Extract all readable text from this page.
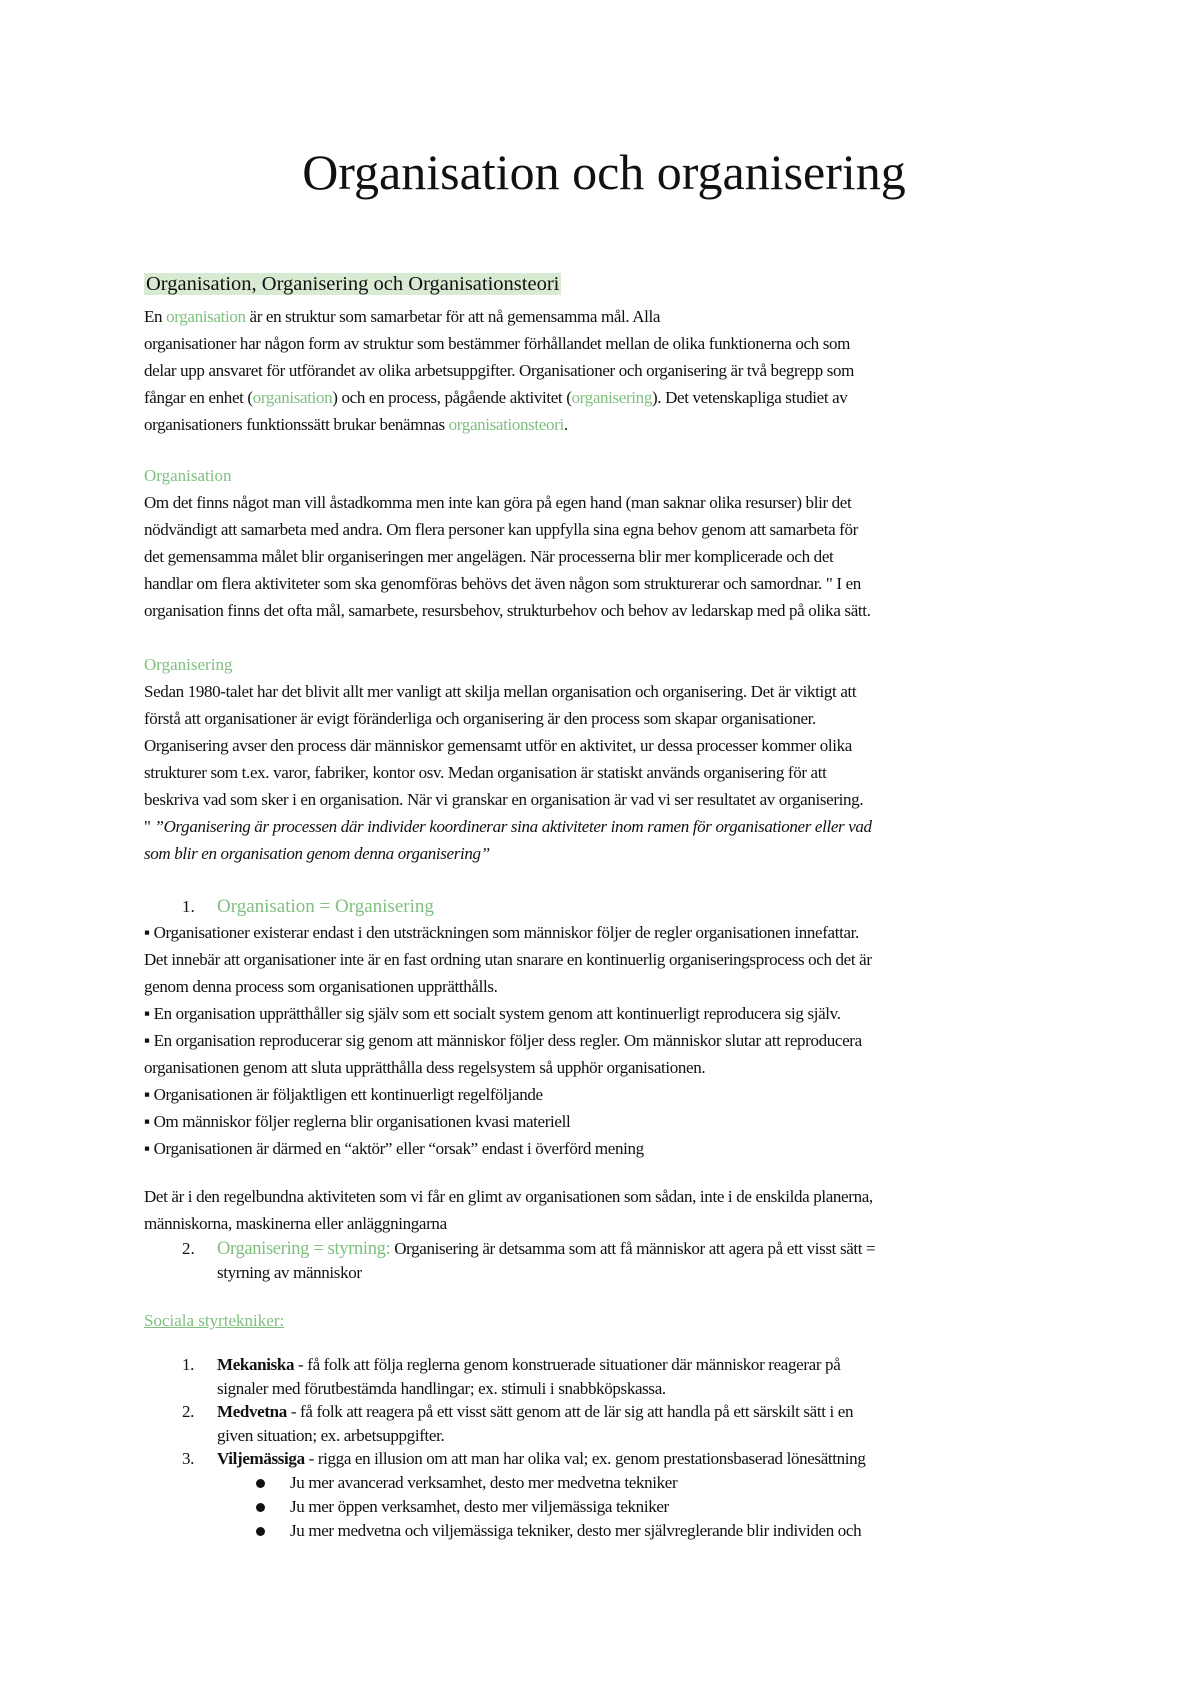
Organisation och organisering
Organisation, Organisering och Organisationsteori

En organisation är en struktur som samarbetar för att nå gemensamma mål. Alla

organisationer har någon form av struktur som bestämmer förhållandet mellan de olika funktionerna och som

delar upp ansvaret för utförandet av olika arbetsuppgifter. Organisationer och organisering är två begrepp som

fångar en enhet (organisation) och en process, pågående aktivitet (organisering). Det vetenskapliga studiet av

organisationers funktionssätt brukar benämnas organisationsteori.

Organisation

Om det finns något man vill åstadkomma men inte kan göra på egen hand (man saknar olika resurser) blir det

nödvändigt att samarbeta med andra. Om flera personer kan uppfylla sina egna behov genom att samarbeta för

det gemensamma målet blir organiseringen mer angelägen. När processerna blir mer komplicerade och det

handlar om flera aktiviteter som ska genomföras behövs det även någon som strukturerar och samordnar. " I en

organisation finns det ofta mål, samarbete, resursbehov, strukturbehov och behov av ledarskap med på olika sätt.

Organisering

Sedan 1980-talet har det blivit allt mer vanligt att skilja mellan organisation och organisering. Det är viktigt att

förstå att organisationer är evigt föränderliga och organisering är den process som skapar organisationer.

Organisering avser den process där människor gemensamt utför en aktivitet, ur dessa processer kommer olika

strukturer som t.ex. varor, fabriker, kontor osv. Medan organisation är statiskt används organisering för att

beskriva vad som sker i en organisation. När vi granskar en organisation är vad vi ser resultatet av organisering.

" ”Organisering är processen där individer koordinerar sina aktiviteter inom ramen för organisationer eller vad

som blir en organisation genom denna organisering”

1. Organisation = Organisering

▪ Organisationer existerar endast i den utsträckningen som människor följer de regler organisationen innefattar.

Det innebär att organisationer inte är en fast ordning utan snarare en kontinuerlig organiseringsprocess och det är

genom denna process som organisationen upprätthålls.

▪ En organisation upprätthåller sig själv som ett socialt system genom att kontinuerligt reproducera sig själv.

▪ En organisation reproducerar sig genom att människor följer dess regler. Om människor slutar att reproducera

organisationen genom att sluta upprätthålla dess regelsystem så upphör organisationen.

▪ Organisationen är följaktligen ett kontinuerligt regelföljande

▪ Om människor följer reglerna blir organisationen kvasi materiell

▪ Organisationen är därmed en “aktör” eller “orsak” endast i överförd mening

Det är i den regelbundna aktiviteten som vi får en glimt av organisationen som sådan, inte i de enskilda planerna,

människorna, maskinerna eller anläggningarna

2. Organisering = styrning: Organisering är detsamma som att få människor att agera på ett visst sätt =
styrning av människor
Sociala styrtekniker:
1. Mekaniska - få folk att följa reglerna genom konstruerade situationer där människor reagerar på
signaler med förutbestämda handlingar; ex. stimuli i snabbköpskassa.
2. Medvetna - få folk att reagera på ett visst sätt genom att de lär sig att handla på ett särskilt sätt i en
given situation; ex. arbetsuppgifter.
3. Viljemässiga - rigga en illusion om att man har olika val; ex. genom prestationsbaserad lönesättning
Ju mer avancerad verksamhet, desto mer medvetna tekniker
Ju mer öppen verksamhet, desto mer viljemässiga tekniker
Ju mer medvetna och viljemässiga tekniker, desto mer självreglerande blir individen och
